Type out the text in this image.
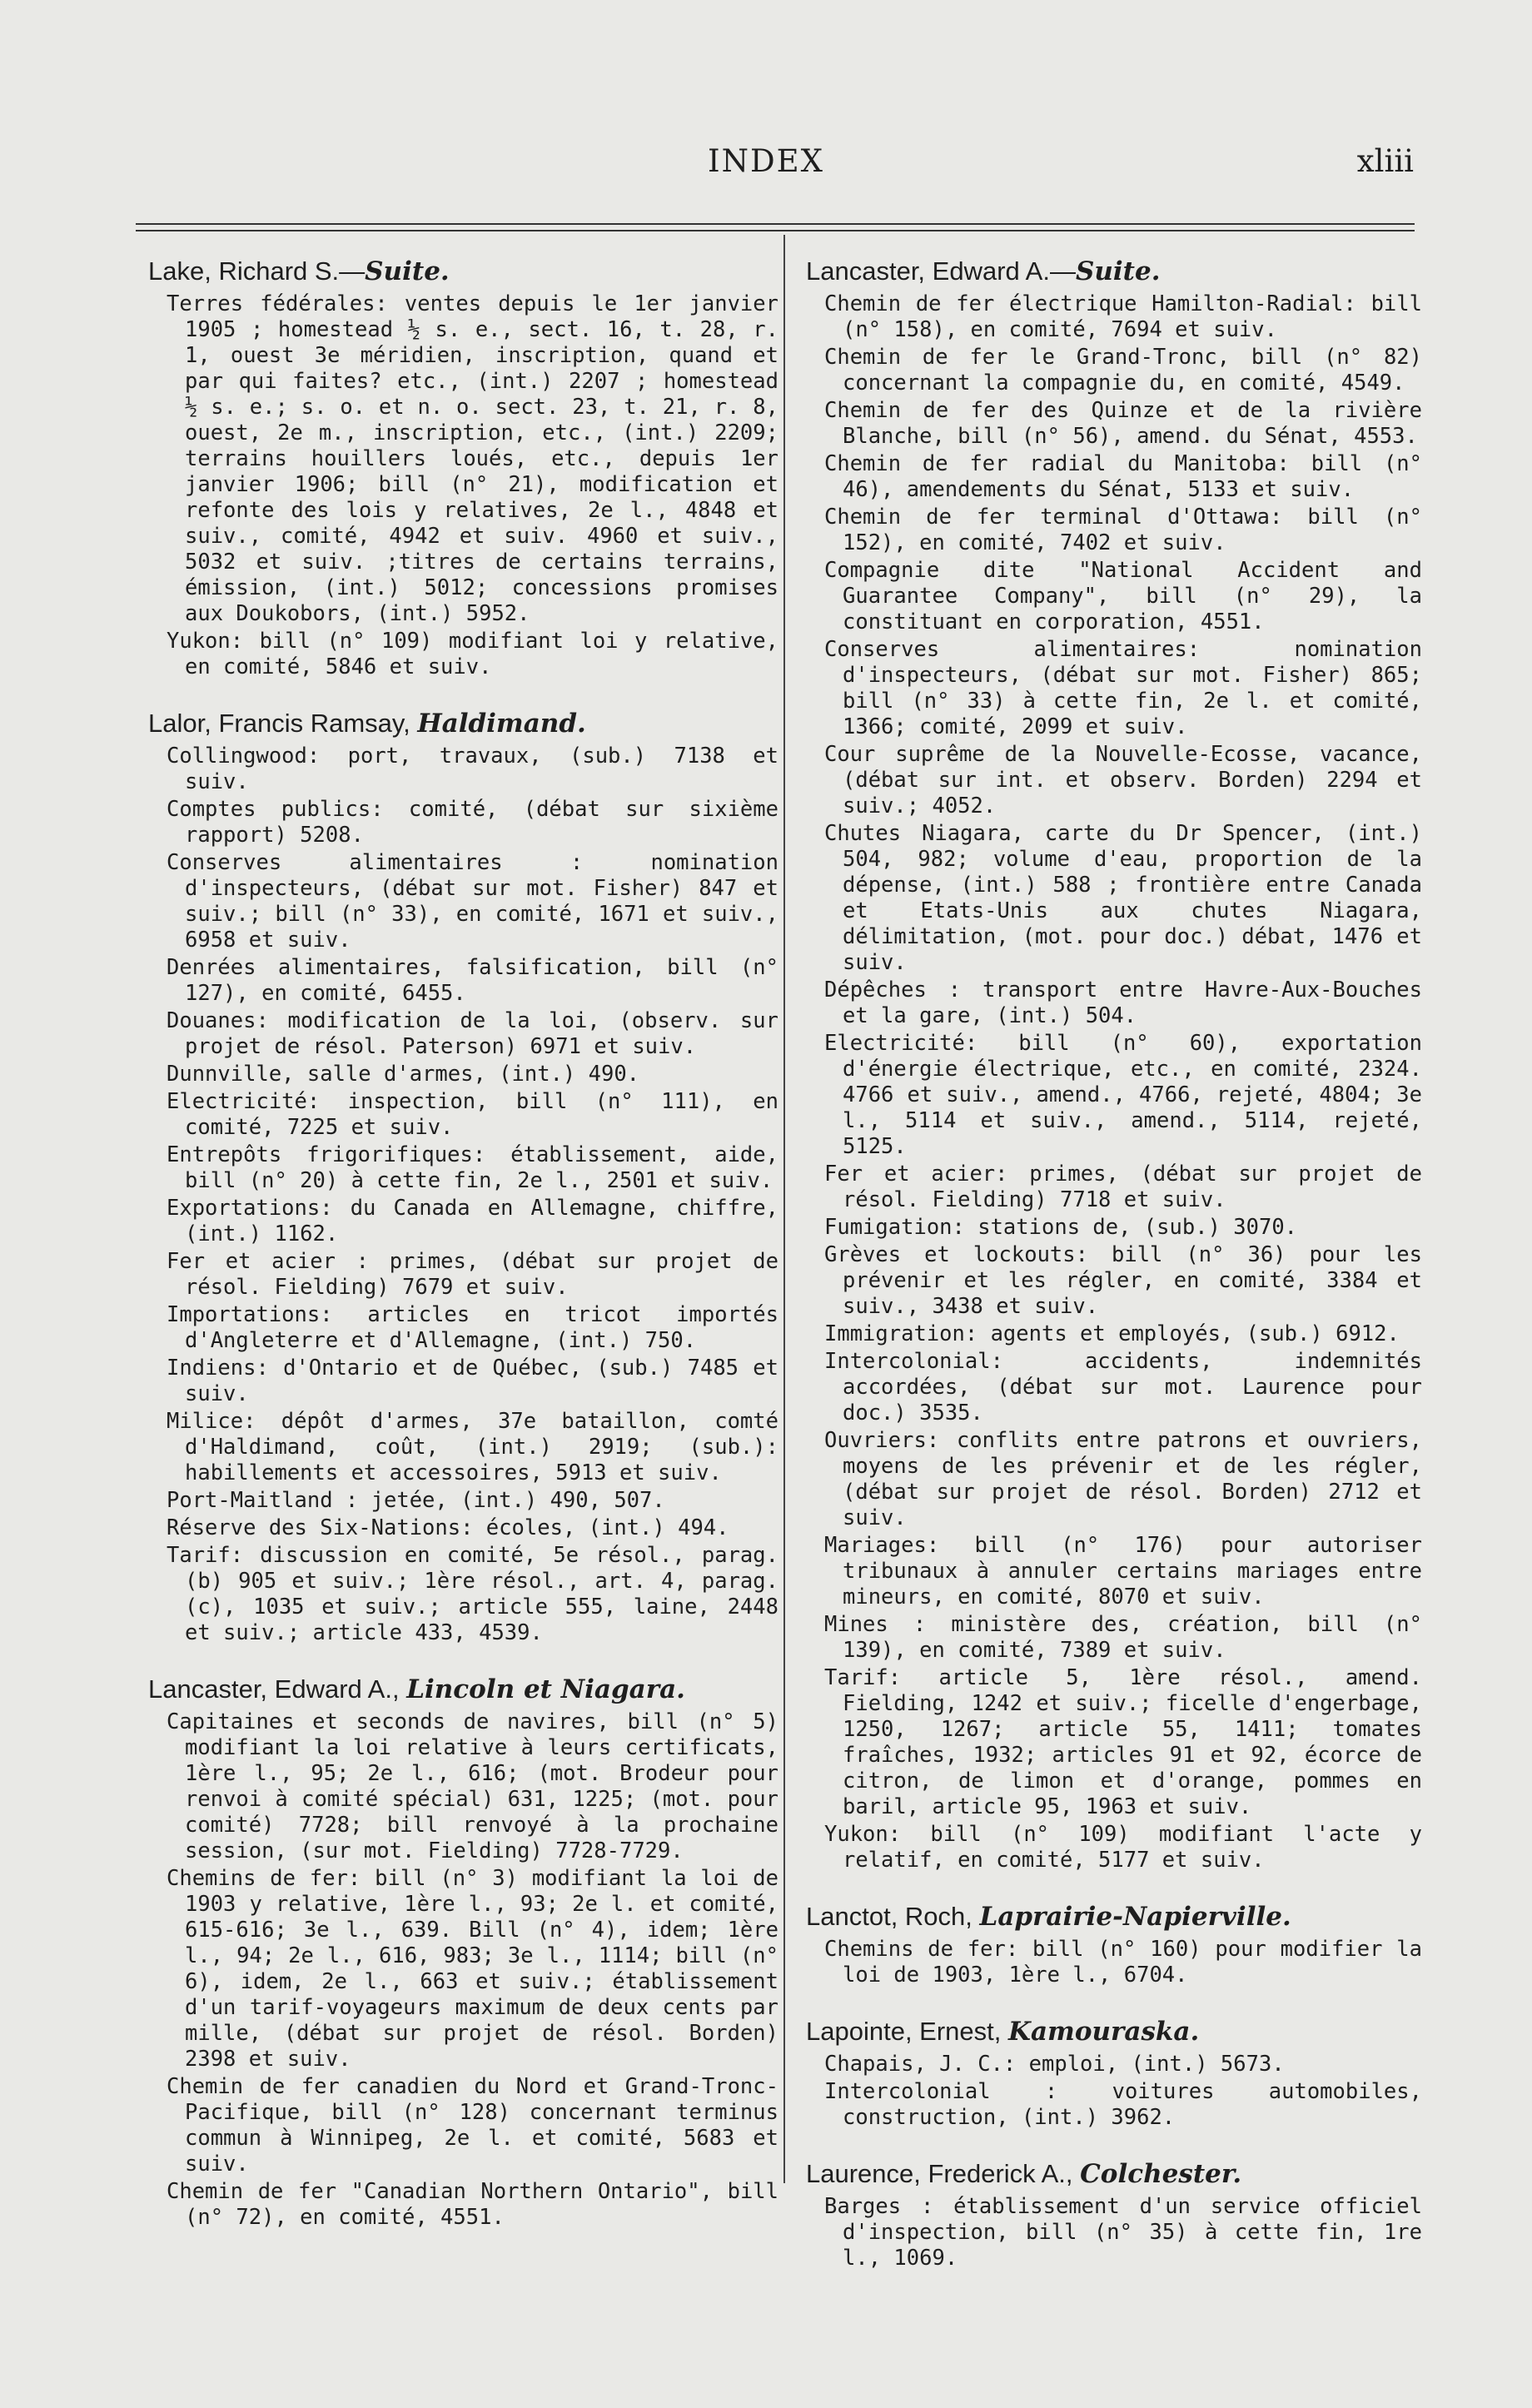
INDEX	xliii
Lake, Richard S.—Suite.
Terres fédérales: ventes depuis le 1er janvier 1905 ; homestead ½ s. e., sect. 16, t. 28, r. 1, ouest 3e méridien, inscription, quand et par qui faites? etc., (int.) 2207 ; homestead ½ s. e.; s. o. et n. o. sect. 23, t. 21, r. 8, ouest, 2e m., inscription, etc., (int.) 2209; terrains houillers loués, etc., depuis 1er janvier 1906; bill (n° 21), modification et refonte des lois y relatives, 2e l., 4848 et suiv., comité, 4942 et suiv. 4960 et suiv., 5032 et suiv. ;titres de certains terrains, émission, (int.) 5012; concessions promises aux Doukobors, (int.) 5952.
Yukon: bill (n° 109) modifiant loi y relative, en comité, 5846 et suiv.
Lalor, Francis Ramsay, Haldimand.
Collingwood: port, travaux, (sub.) 7138 et suiv.
Comptes publics: comité, (débat sur sixième rapport) 5208.
Conserves alimentaires : nomination d'inspecteurs, (débat sur mot. Fisher) 847 et suiv.; bill (n° 33), en comité, 1671 et suiv., 6958 et suiv.
Denrées alimentaires, falsification, bill (n° 127), en comité, 6455.
Douanes: modification de la loi, (observ. sur projet de résol. Paterson) 6971 et suiv.
Dunnville, salle d'armes, (int.) 490.
Electricité: inspection, bill (n° 111), en comité, 7225 et suiv.
Entrepôts frigorifiques: établissement, aide, bill (n° 20) à cette fin, 2e l., 2501 et suiv.
Exportations: du Canada en Allemagne, chiffre, (int.) 1162.
Fer et acier : primes, (débat sur projet de résol. Fielding) 7679 et suiv.
Importations: articles en tricot importés d'Angleterre et d'Allemagne, (int.) 750.
Indiens: d'Ontario et de Québec, (sub.) 7485 et suiv.
Milice: dépôt d'armes, 37e bataillon, comté d'Haldimand, coût, (int.) 2919; (sub.): habillements et accessoires, 5913 et suiv.
Port-Maitland : jetée, (int.) 490, 507.
Réserve des Six-Nations: écoles, (int.) 494.
Tarif: discussion en comité, 5e résol., parag. (b) 905 et suiv.; 1ère résol., art. 4, parag. (c), 1035 et suiv.; article 555, laine, 2448 et suiv.; article 433, 4539.
Lancaster, Edward A., Lincoln et Niagara.
Capitaines et seconds de navires, bill (n° 5) modifiant la loi relative à leurs certificats, 1ère l., 95; 2e l., 616; (mot. Brodeur pour renvoi à comité spécial) 631, 1225; (mot. pour comité) 7728; bill renvoyé à la prochaine session, (sur mot. Fielding) 7728-7729.
Chemins de fer: bill (n° 3) modifiant la loi de 1903 y relative, 1ère l., 93; 2e l. et comité, 615-616; 3e l., 639. Bill (n° 4), idem; 1ère l., 94; 2e l., 616, 983; 3e l., 1114; bill (n° 6), idem, 2e l., 663 et suiv.; établissement d'un tarif-voyageurs maximum de deux cents par mille, (débat sur projet de résol. Borden) 2398 et suiv.
Chemin de fer canadien du Nord et Grand-Tronc-Pacifique, bill (n° 128) concernant terminus commun à Winnipeg, 2e l. et comité, 5683 et suiv.
Chemin de fer "Canadian Northern Ontario", bill (n° 72), en comité, 4551.
Lancaster, Edward A.—Suite.
Chemin de fer électrique Hamilton-Radial: bill (n° 158), en comité, 7694 et suiv.
Chemin de fer le Grand-Tronc, bill (n° 82) concernant la compagnie du, en comité, 4549.
Chemin de fer des Quinze et de la rivière Blanche, bill (n° 56), amend. du Sénat, 4553.
Chemin de fer radial du Manitoba: bill (n° 46), amendements du Sénat, 5133 et suiv.
Chemin de fer terminal d'Ottawa: bill (n° 152), en comité, 7402 et suiv.
Compagnie dite "National Accident and Guarantee Company", bill (n° 29), la constituant en corporation, 4551.
Conserves alimentaires: nomination d'inspecteurs, (débat sur mot. Fisher) 865; bill (n° 33) à cette fin, 2e l. et comité, 1366; comité, 2099 et suiv.
Cour suprême de la Nouvelle-Ecosse, vacance, (débat sur int. et observ. Borden) 2294 et suiv.; 4052.
Chutes Niagara, carte du Dr Spencer, (int.) 504, 982; volume d'eau, proportion de la dépense, (int.) 588 ; frontière entre Canada et Etats-Unis aux chutes Niagara, délimitation, (mot. pour doc.) débat, 1476 et suiv.
Dépêches : transport entre Havre-Aux-Bouches et la gare, (int.) 504.
Electricité: bill (n° 60), exportation d'énergie électrique, etc., en comité, 2324. 4766 et suiv., amend., 4766, rejeté, 4804; 3e l., 5114 et suiv., amend., 5114, rejeté, 5125.
Fer et acier: primes, (débat sur projet de résol. Fielding) 7718 et suiv.
Fumigation: stations de, (sub.) 3070.
Grèves et lockouts: bill (n° 36) pour les prévenir et les régler, en comité, 3384 et suiv., 3438 et suiv.
Immigration: agents et employés, (sub.) 6912.
Intercolonial: accidents, indemnités accordées, (débat sur mot. Laurence pour doc.) 3535.
Ouvriers: conflits entre patrons et ouvriers, moyens de les prévenir et de les régler, (débat sur projet de résol. Borden) 2712 et suiv.
Mariages: bill (n° 176) pour autoriser tribunaux à annuler certains mariages entre mineurs, en comité, 8070 et suiv.
Mines : ministère des, création, bill (n° 139), en comité, 7389 et suiv.
Tarif: article 5, 1ère résol., amend. Fielding, 1242 et suiv.; ficelle d'engerbage, 1250, 1267; article 55, 1411; tomates fraîches, 1932; articles 91 et 92, écorce de citron, de limon et d'orange, pommes en baril, article 95, 1963 et suiv.
Yukon: bill (n° 109) modifiant l'acte y relatif, en comité, 5177 et suiv.
Lanctot, Roch, Laprairie-Napierville.
Chemins de fer: bill (n° 160) pour modifier la loi de 1903, 1ère l., 6704.
Lapointe, Ernest, Kamouraska.
Chapais, J. C.: emploi, (int.) 5673.
Intercolonial : voitures automobiles, construction, (int.) 3962.
Laurence, Frederick A., Colchester.
Barges : établissement d'un service officiel d'inspection, bill (n° 35) à cette fin, 1re l., 1069.
